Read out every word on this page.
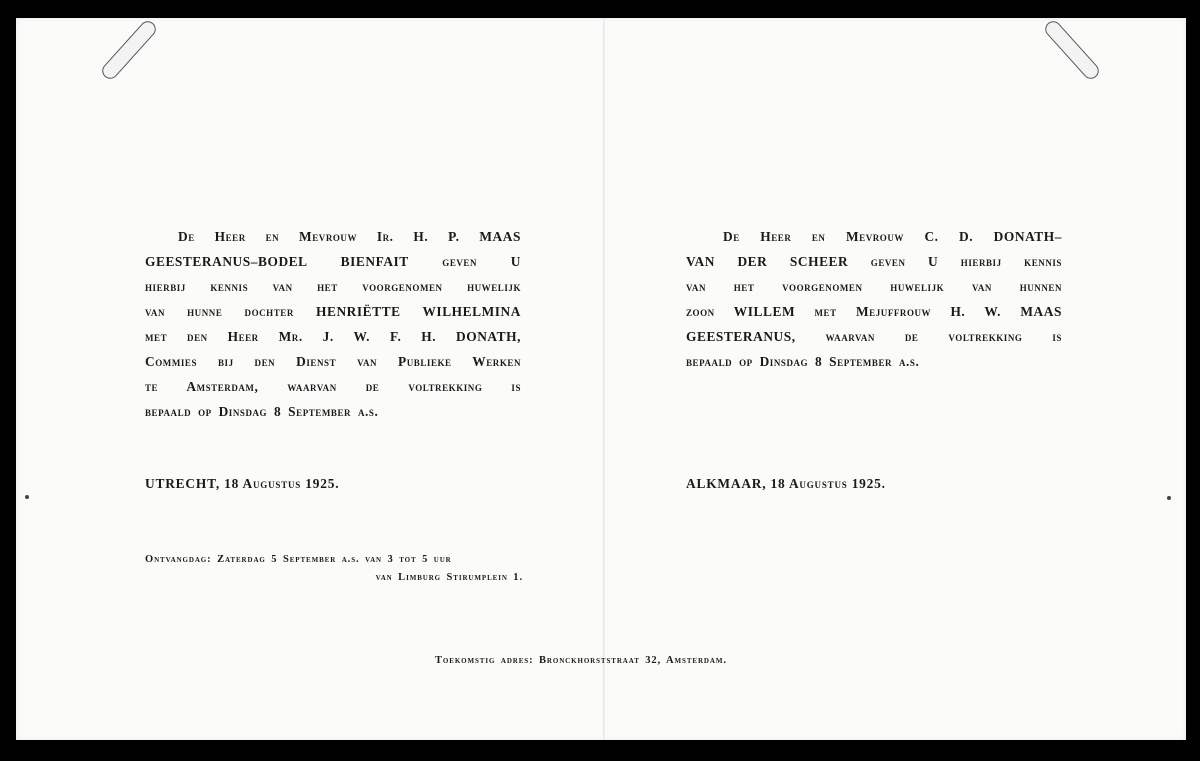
De Heer en Mevrouw Ir. H. P. MAAS
GEESTERANUS–BODEL BIENFAIT geven U
hierbij kennis van het voorgenomen huwelijk
van hunne dochter HENRIËTTE WILHELMINA
met den Heer Mr. J. W. F. H. DONATH,
Commies bij den Dienst van Publieke Werken
te Amsterdam, waarvan de voltrekking is
bepaald op Dinsdag 8 September a.s.
UTRECHT, 18 Augustus 1925.
Ontvangdag: Zaterdag 5 September a.s. van 3 tot 5 uur
van Limburg Stirumplein 1.
De Heer en Mevrouw C. D. DONATH–
VAN DER SCHEER geven U hierbij kennis
van het voorgenomen huwelijk van hunnen
zoon WILLEM met Mejuffrouw H. W. MAAS
GEESTERANUS, waarvan de voltrekking is
bepaald op Dinsdag 8 September a.s.
ALKMAAR, 18 Augustus 1925.
Toekomstig adres: Bronckhorststraat 32, Amsterdam.
